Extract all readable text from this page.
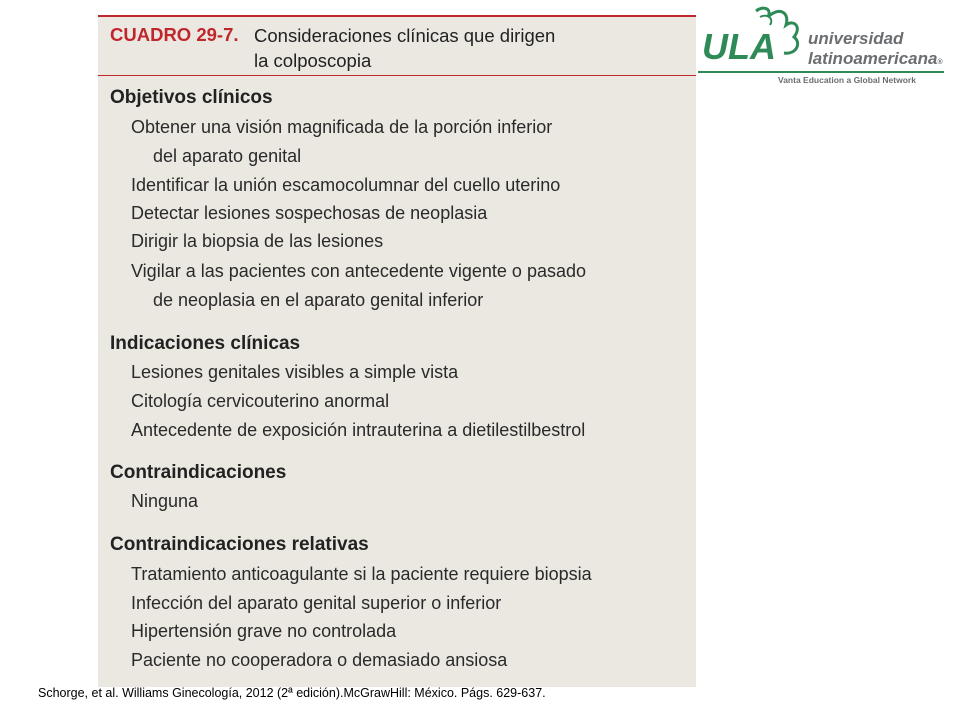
CUADRO 29-7. Consideraciones clínicas que dirigen
la colposcopia
Objetivos clínicos
Obtener una visión magnificada de la porción inferior
del aparato genital
Identificar la unión escamocolumnar del cuello uterino
Detectar lesiones sospechosas de neoplasia
Dirigir la biopsia de las lesiones
Vigilar a las pacientes con antecedente vigente o pasado
de neoplasia en el aparato genital inferior
Indicaciones clínicas
Lesiones genitales visibles a simple vista
Citología cervicouterino anormal
Antecedente de exposición intrauterina a dietilestilbestrol
Contraindicaciones
Ninguna
Contraindicaciones relativas
Tratamiento anticoagulante si la paciente requiere biopsia
Infección del aparato genital superior o inferior
Hipertensión grave no controlada
Paciente no cooperadora o demasiado ansiosa
ULA universidad
latinoamericana®
Vanta Education a Global Network
Schorge, et al. Williams Ginecología, 2012 (2ª edición).McGrawHill: México. Págs. 629-637.
